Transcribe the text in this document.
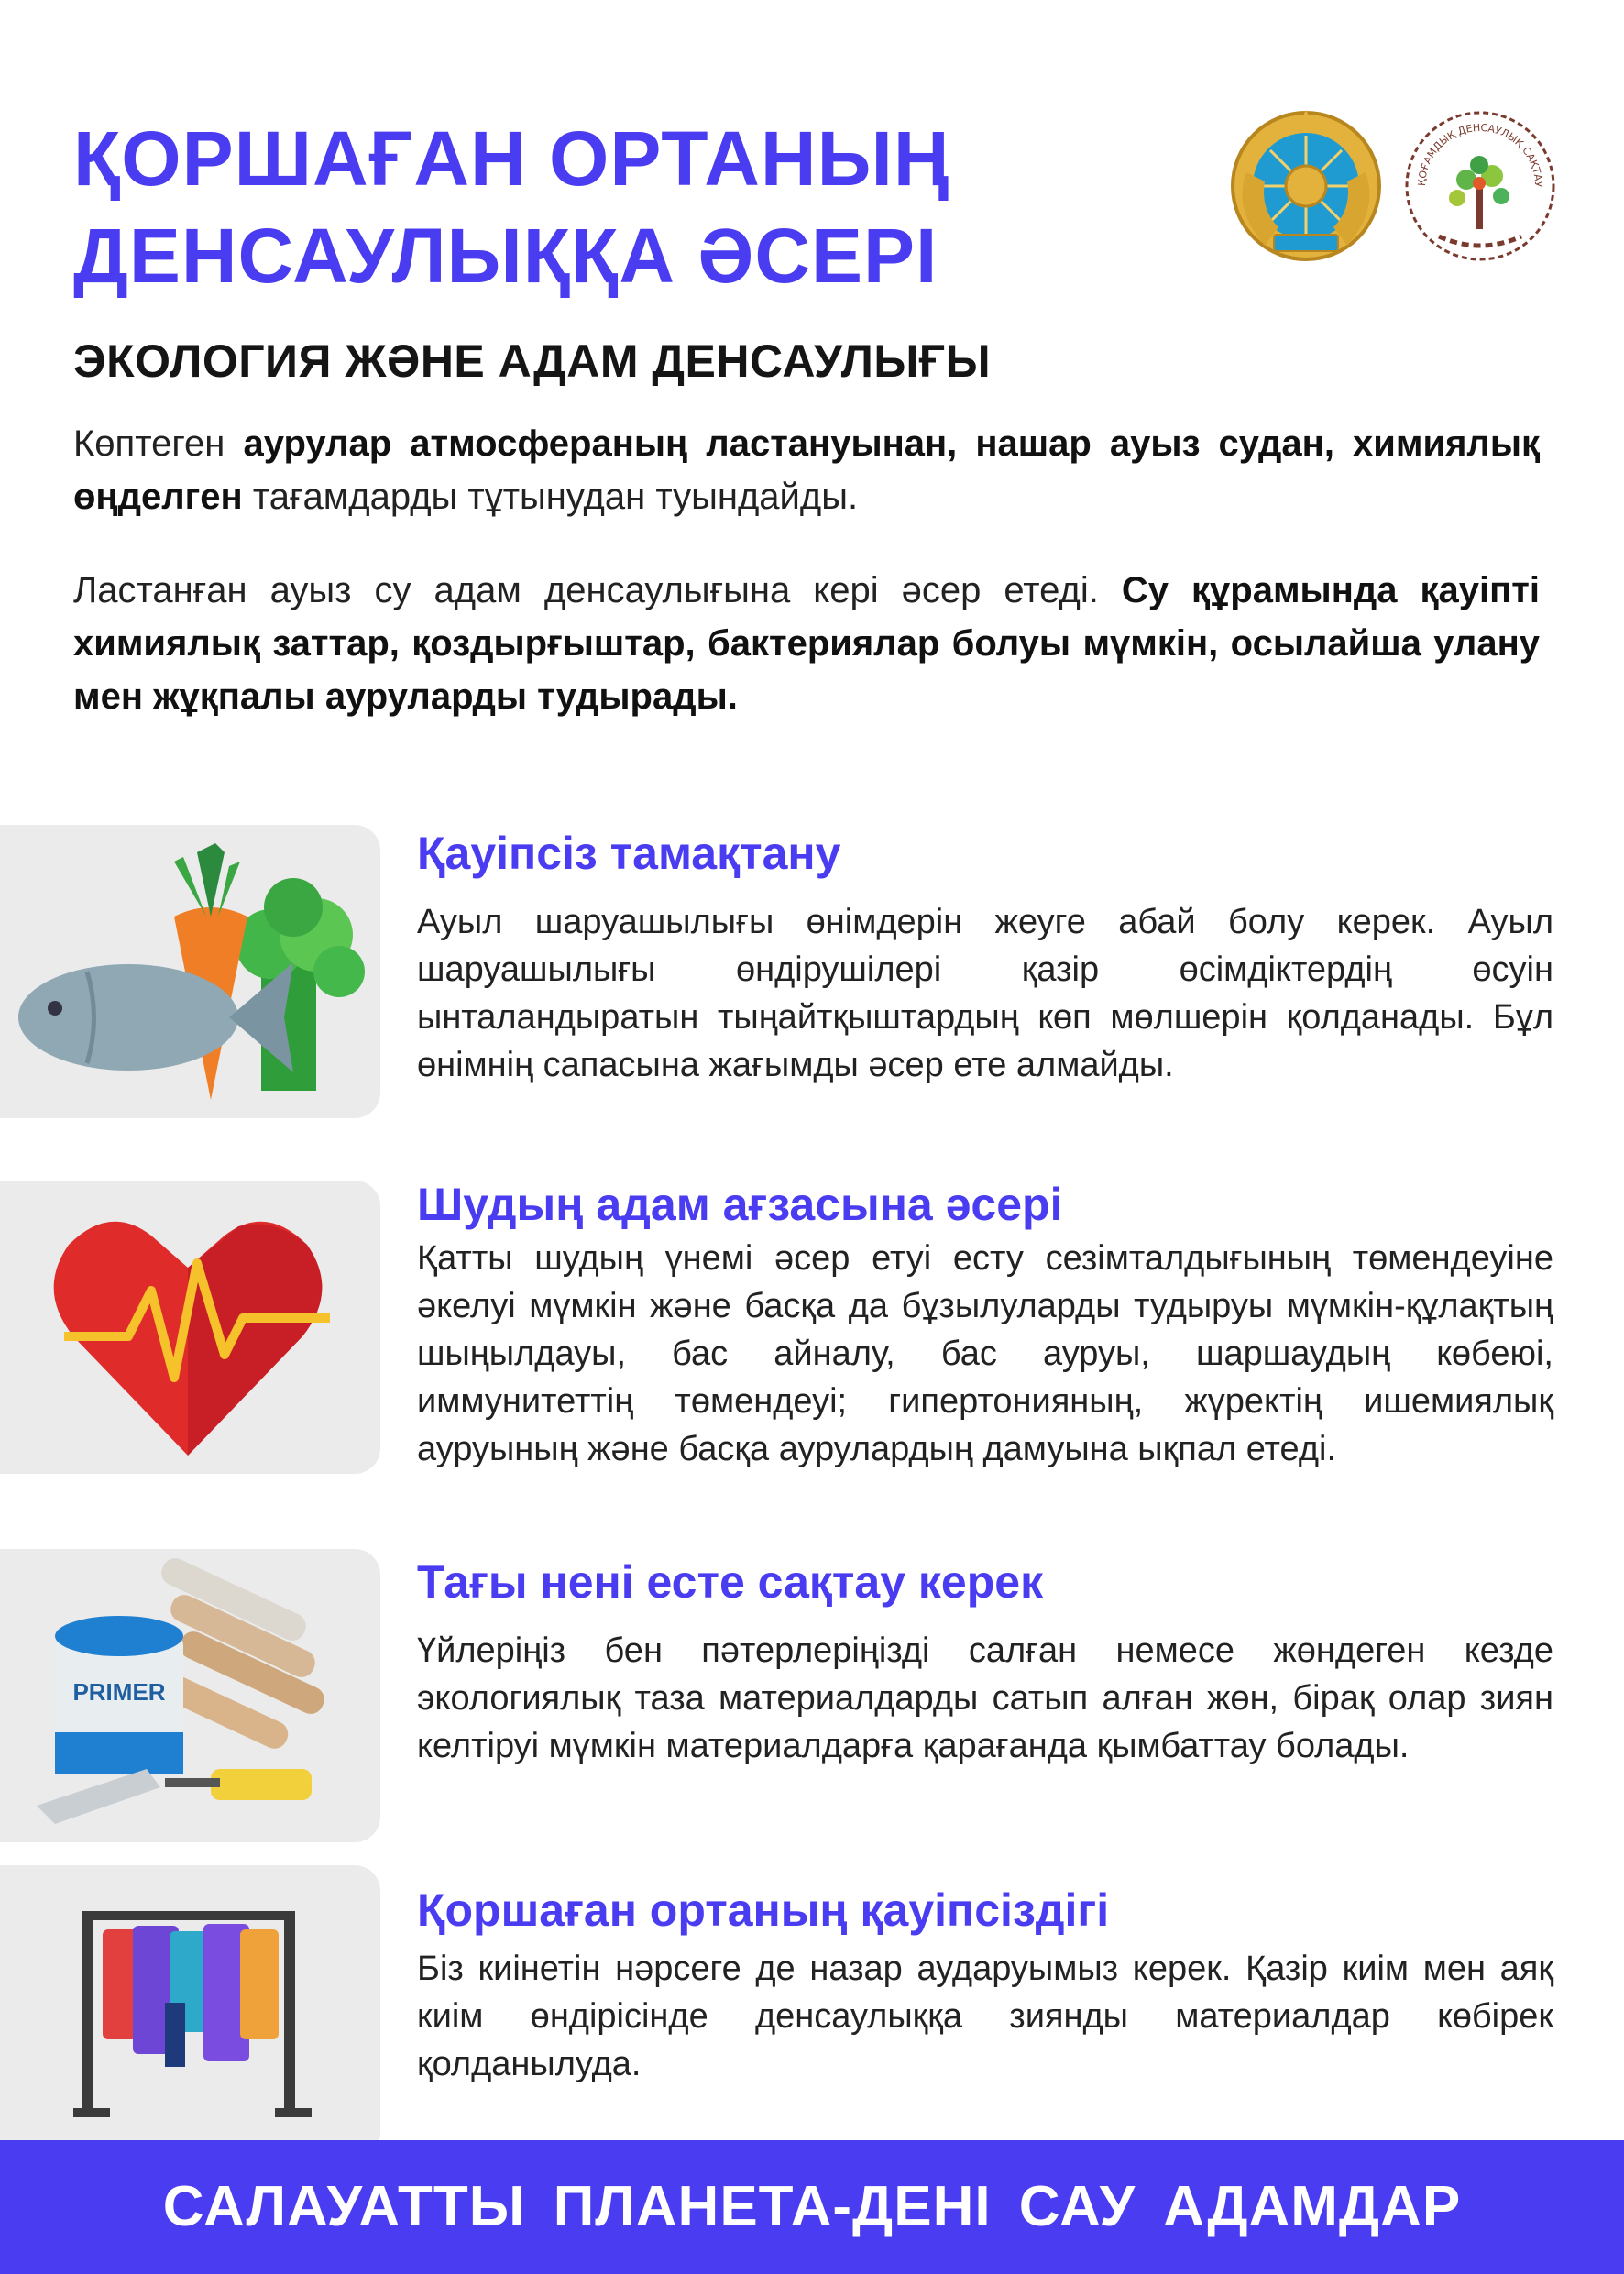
ҚОРШАҒАН ОРТАНЫҢ
ДЕНСАУЛЫҚҚА ӘСЕРІ
ҚОҒАМДЫҚ ДЕНСАУЛЫҚ САҚТАУ
ЭКОЛОГИЯ ЖӘНЕ АДАМ ДЕНСАУЛЫҒЫ

Көптеген аурулар атмосфераның ластануынан, нашар ауыз судан, химиялық өңделген тағамдарды тұтынудан туындайды.

Ластанған ауыз су адам денсаулығына кері әсер етеді. Су құрамында қауіпті химиялық заттар, қоздырғыштар, бактериялар болуы мүмкін, осылайша улану мен жұқпалы ауруларды тудырады.

Қауіпсіз тамақтану

Ауыл шаруашылығы өнімдерін жеуге абай болу керек. Ауыл шаруашылығы өндірушілері қазір өсімдіктердің өсуін ынталандыратын тыңайтқыштардың көп мөлшерін қолданады. Бұл өнімнің сапасына жағымды әсер ете алмайды.

Шудың адам ағзасына әсері

Қатты шудың үнемі әсер етуі есту сезімталдығының төмендеуіне әкелуі мүмкін және басқа да бұзылуларды тудыруы мүмкін-құлақтың шыңылдауы, бас айналу, бас ауруы, шаршаудың көбеюі, иммунитеттің төмендеуі; гипертонияның, жүректің ишемиялық ауруының және басқа аурулардың дамуына ықпал етеді.

PRIMER
Тағы нені есте сақтау керек

Үйлеріңіз бен пәтерлеріңізді салған немесе жөндеген кезде экологиялық таза материалдарды сатып алған жөн, бірақ олар зиян келтіруі мүмкін материалдарға қарағанда қымбаттау болады.

Қоршаған ортаның қауіпсіздігі

Біз киінетін нәрсеге де назар аударуымыз керек. Қазір киім мен аяқ киім өндірісінде денсаулыққа зиянды материалдар көбірек қолданылуда.

САЛАУАТТЫ ПЛАНЕТА-ДЕНІ САУ АДАМДАР
